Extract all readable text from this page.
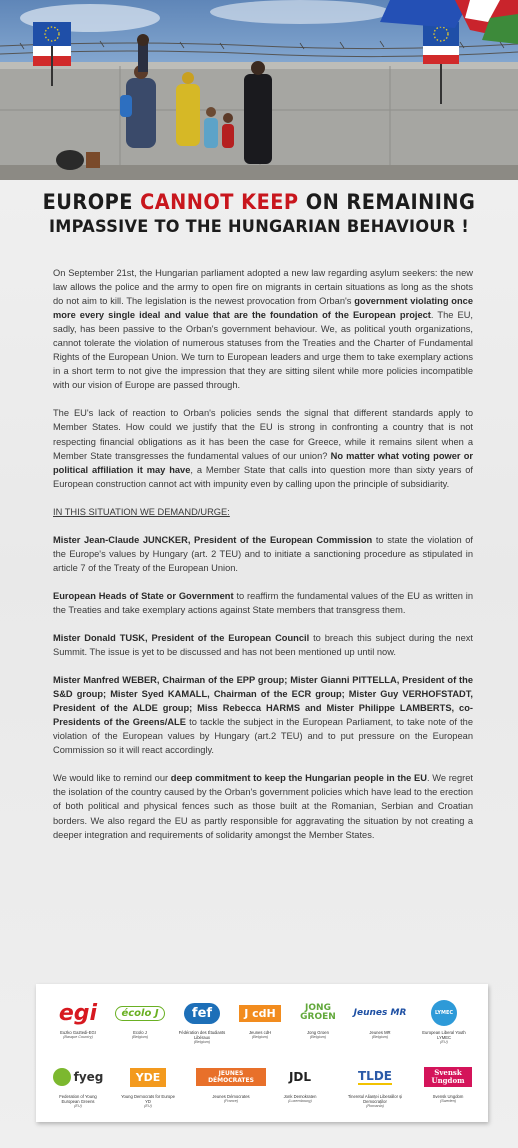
EUROPE CANNOT KEEP ON REMAINING
IMPASSIVE TO THE HUNGARIAN BEHAVIOUR !

On September 21st, the Hungarian parliament adopted a new law regarding asylum seekers: the new law allows the police and the army to open fire on migrants in certain situations as long as the shots do not aim to kill. The legislation is the newest provocation from Orban's government violating once more every single ideal and value that are the foundation of the European project. The EU, sadly, has been passive to the Orban's government behaviour. We, as political youth organizations, cannot tolerate the violation of numerous statuses from the Treaties and the Charter of Fundamental Rights of the European Union. We turn to European leaders and urge them to take exemplary actions in a short term to not give the impression that they are sitting silent while more policies incompatible with our vision of Europe are passed through.

The EU's lack of reaction to Orban's policies sends the signal that different standards apply to Member States. How could we justify that the EU is strong in confronting a country that is not respecting financial obligations as it has been the case for Greece, while it remains silent when a Member State transgresses the fundamental values of our union? No matter what voting power or political affiliation it may have, a Member State that calls into question more than sixty years of European construction cannot act with impunity even by calling upon the principle of subsidiarity.

IN THIS SITUATION WE DEMAND/URGE:

Mister Jean-Claude JUNCKER, President of the European Commission to state the violation of the Europe's values by Hungary (art. 2 TEU) and to initiate a sanctioning procedure as stipulated in article 7 of the Treaty of the European Union.

European Heads of State or Government to reaffirm the fundamental values of the EU as written in the Treaties and take exemplary actions against State members that transgress them.

Mister Donald TUSK, President of the European Council to breach this subject during the next Summit. The issue is yet to be discussed and has not been mentioned up until now.

Mister Manfred WEBER, Chairman of the EPP group; Mister Gianni PITTELLA, President of the S&D group; Mister Syed KAMALL, Chairman of the ECR group; Mister Guy VERHOFSTADT, President of the ALDE group; Miss Rebecca HARMS and Mister Philippe LAMBERTS, co-Presidents of the Greens/ALE to tackle the subject in the European Parliament, to take note of the violation of the European values by Hungary (art.2 TEU) and to put pressure on the European Commission so it will react accordingly.

We would like to remind our deep commitment to keep the Hungarian people in the EU. We regret the isolation of the country caused by the Orban's government policies which have lead to the erection of both political and physical fences such as those built at the Romanian, Serbian and Croatian borders. We also regard the EU as partly responsible for aggravating the situation by not creating a deeper integration and requirements of solidarity amongst the Member States.

egi
Euzko Gaztedi-EGI
(Basque Country)
écolo J
Ecolo J
(Belgium)
fef
Fédération des Étudiants Libéraux
(Belgium)
J cdH
Jeunes cdH
(Belgium)
JONG GROEN
Jong Groen
(Belgium)
Jeunes MR
Jeunes MR
(Belgium)
LYMEC
European Liberal Youth LYMEC
(EU)
fyeg
Federation of Young European Greens
(EU)
YDE
Young Democrats for Europe YD
(EU)
JEUNES DÉMOCRATES
Jeunes Démocrates
(France)
JDL
Jonk Demokraten
(Luxembourg)
TLDE
Tineretul Alianței Liberalilor și Democraților
(Romania)
Svensk Ungdom
Svensk Ungdom
(Sweden)
